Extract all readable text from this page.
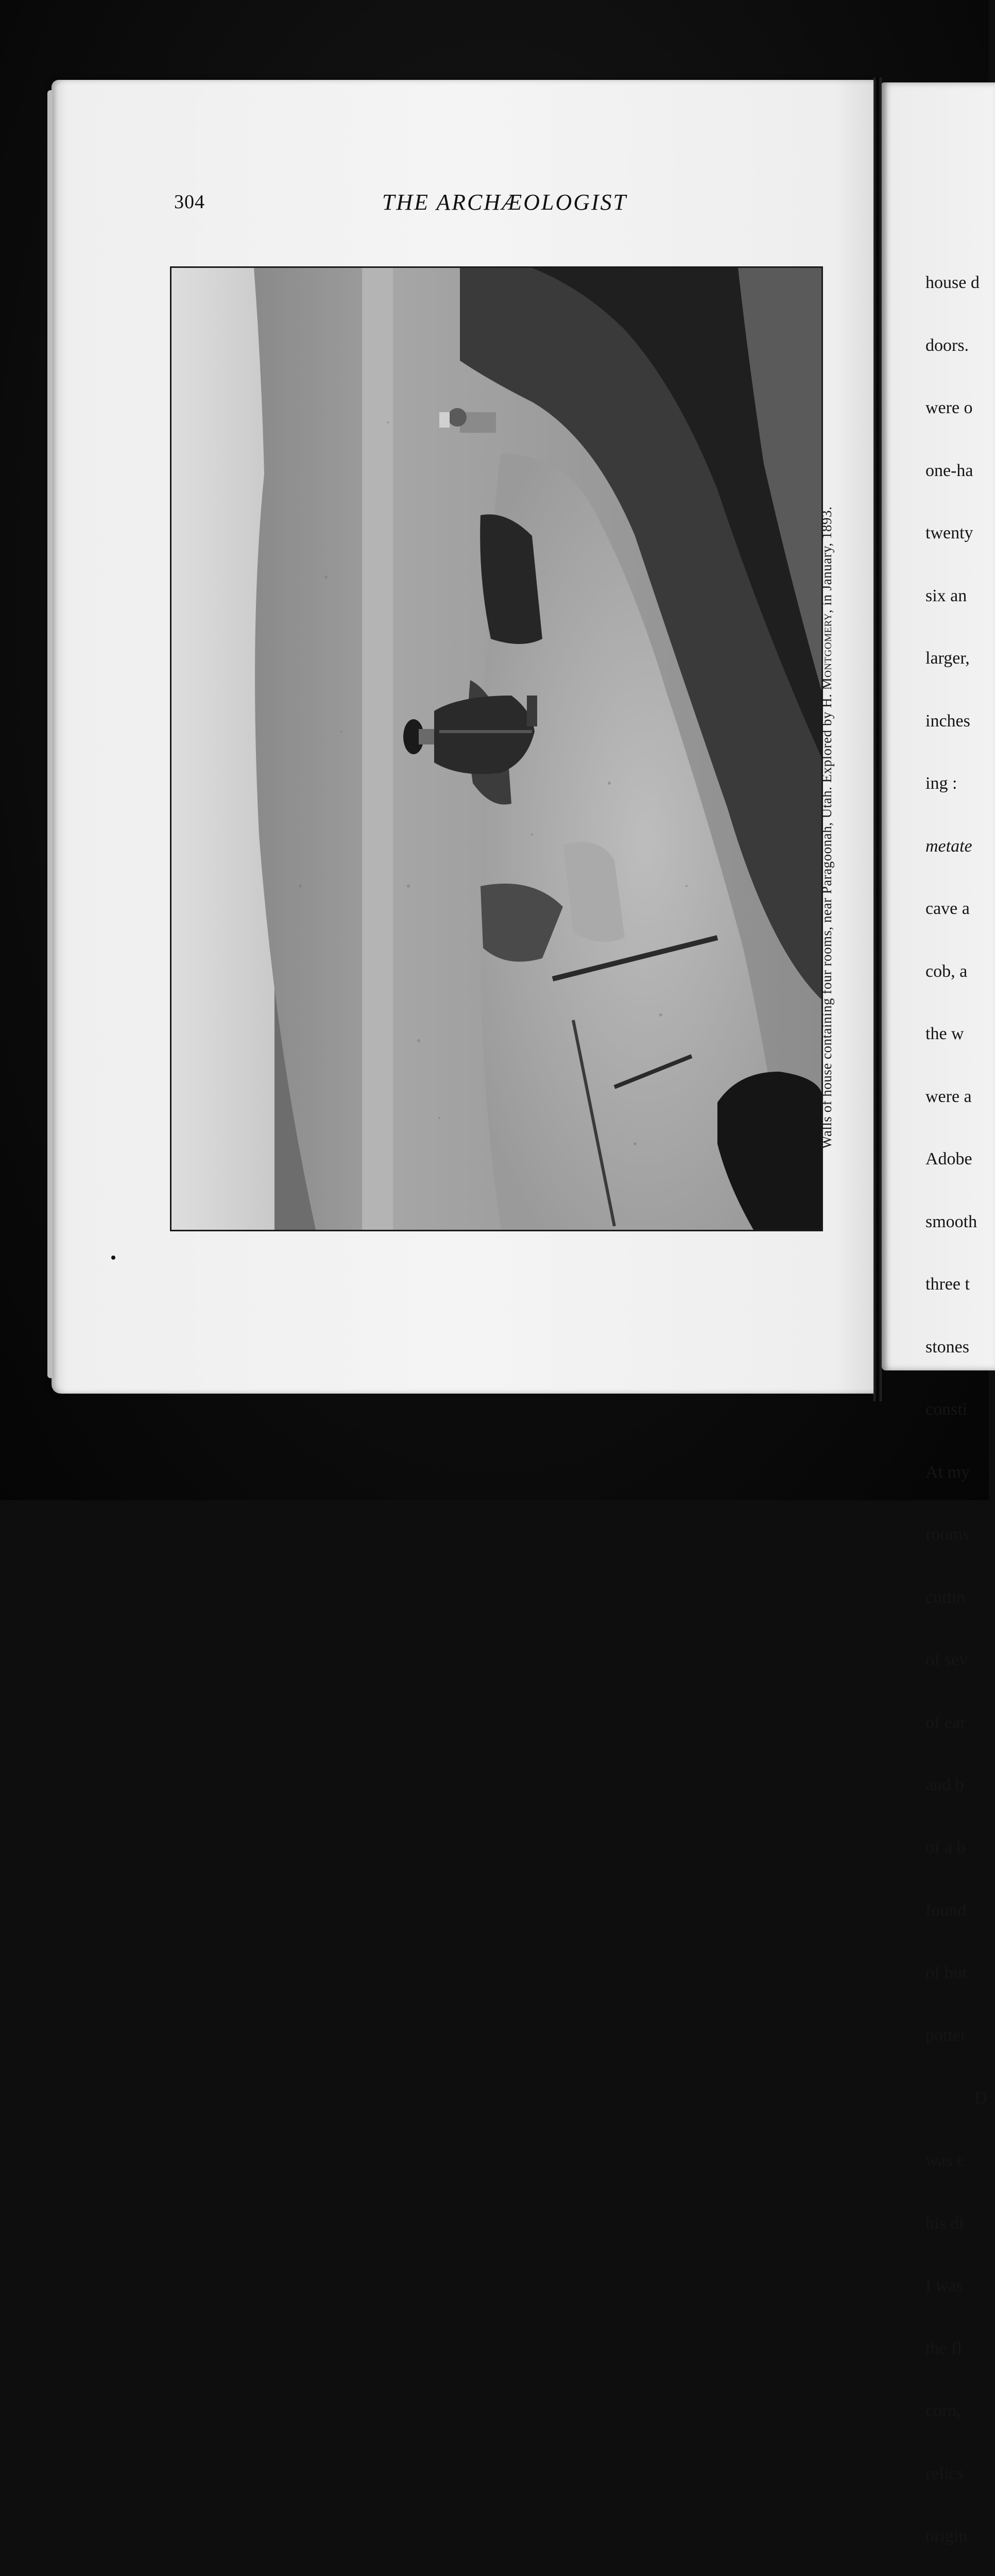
304	THE ARCHÆOLOGIST
Walls of house containing four rooms, near Paragoonah, Utah. Explored by H. Montgomery, in January, 1893.

house d

doors.

were o

one-ha

twenty

six an

larger,

inches

ing :

metate

cave a

cob, a

the w

were a

Adobe

smooth

three t

stones

consti

At my

rooms

cuttin

of sev

of ear

and b

of a b

found

of but

potter

D

was c

his di

I was

the fl

corn,

relics

origin
